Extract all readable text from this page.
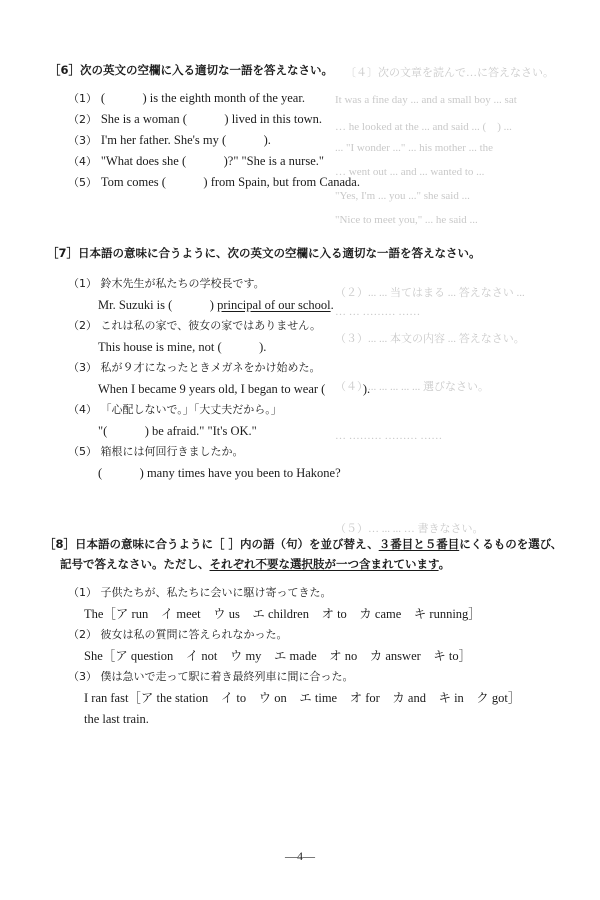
〔４〕次の文章を読んで…に答えなさい。
It was a fine day ... and a small boy ... sat
… he looked at the ... and said ... (　) ...
... "I wonder ..." ... his mother ... the
… went out ... and ... wanted to ...
"Yes, I'm ... you ..." she said ...
"Nice to meet you," ... he said ...
（２）... ... 当てはまる ... 答えなさい ...
… … ……… ……
（３）... ... 本文の内容 ... 答えなさい。
（４）... ... ... ... ... 選びなさい。
… ……… ……… ……
（５）… ... ... … 書きなさい。
［6］次の英文の空欄に入る適切な一語を答えなさい。
（1） (　　　) is the eighth month of the year.
（2） She is a woman (　　　) lived in this town.
（3） I'm her father. She's my (　　　).
（4） "What does she (　　　)?" "She is a nurse."
（5） Tom comes (　　　) from Spain, but from Canada.
［7］日本語の意味に合うように、次の英文の空欄に入る適切な一語を答えなさい。
（1） 鈴木先生が私たちの学校長です。
Mr. Suzuki is (　　　) principal of our school.
（2） これは私の家で、彼女の家ではありません。
This house is mine, not (　　　).
（3） 私が９才になったときメガネをかけ始めた。
When I became 9 years old, I began to wear (　　　).
（4） 「心配しないで。」「大丈夫だから。」
"(　　　) be afraid." "It's OK."
（5） 箱根には何回行きましたか。
(　　　) many times have you been to Hakone?
［8］日本語の意味に合うように［ ］内の語（句）を並び替え、３番目と５番目にくるものを選び、
記号で答えなさい。ただし、それぞれ不要な選択肢が一つ含まれています。
（1） 子供たちが、私たちに会いに駆け寄ってきた。
The［ア run　イ meet　ウ us　エ children　オ to　カ came　キ running］
（2） 彼女は私の質問に答えられなかった。
She［ア question　イ not　ウ my　エ made　オ no　カ answer　キ to］
（3） 僕は急いで走って駅に着き最終列車に間に合った。
I ran fast［ア the station　イ to　ウ on　エ time　オ for　カ and　キ in　ク got］
the last train.
—4—
